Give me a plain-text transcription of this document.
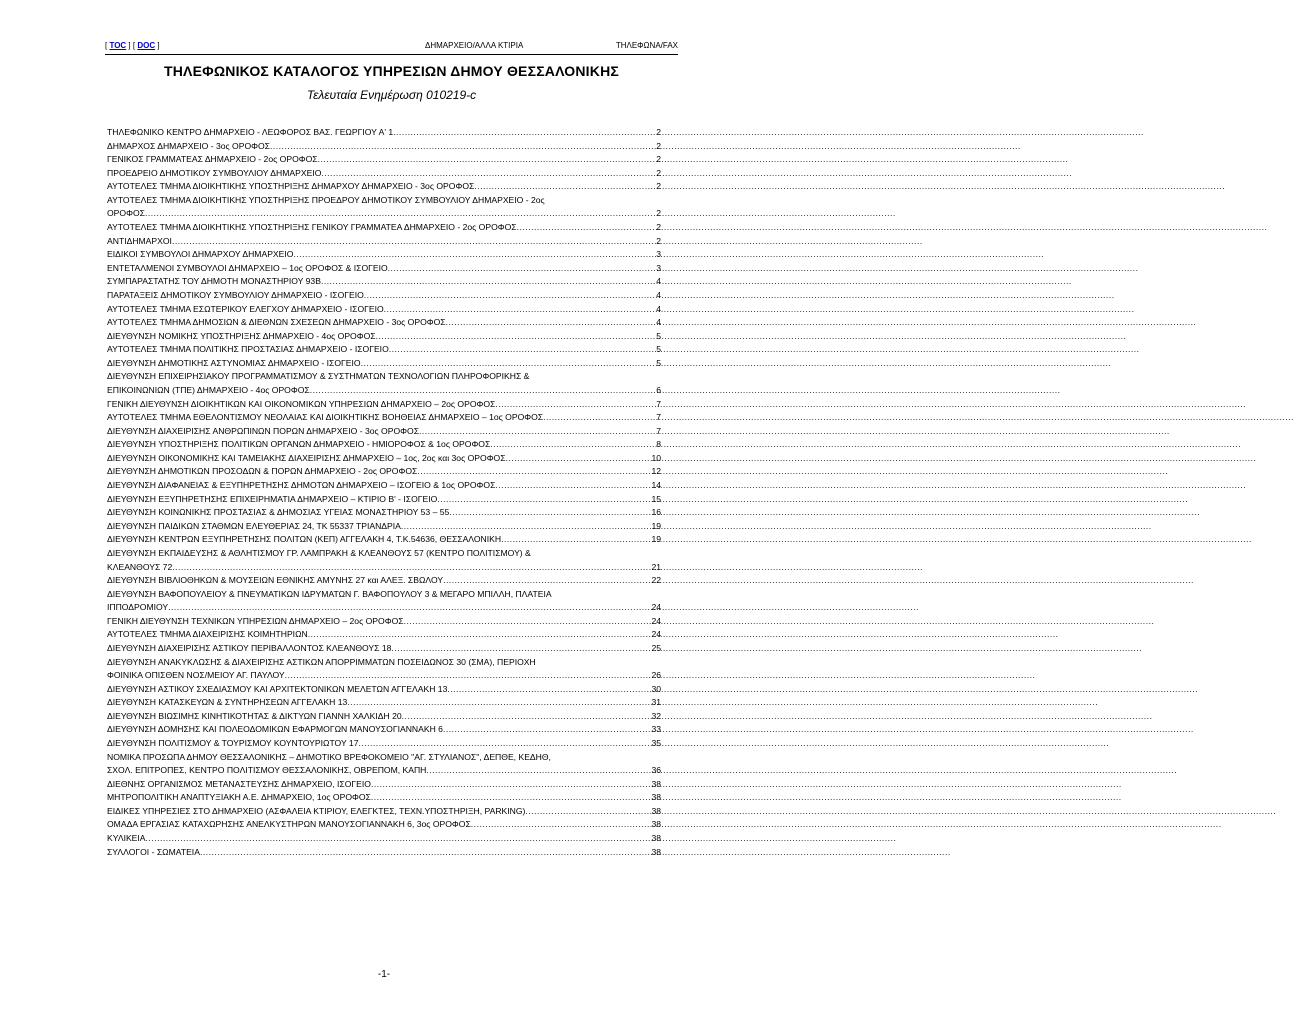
[ TOC ] [ DOC ]	ΔΗΜΑΡΧΕΙΟ/ΑΛΛΑ ΚΤΙΡΙΑ	ΤΗΛΕΦΩΝΑ/FAX
ΤΗΛΕΦΩΝΙΚΟΣ ΚΑΤΑΛΟΓΟΣ ΥΠΗΡΕΣΙΩΝ ΔΗΜΟΥ ΘΕΣΣΑΛΟΝΙΚΗΣ
Τελευταία Ενημέρωση 010219-c
ΤΗΛΕΦΩΝΙΚΟ ΚΕΝΤΡΟ ΔΗΜΑΡΧΕΙΟ - ΛΕΩΦΟΡΟΣ ΒΑΣ. ΓΕΩΡΓΙΟΥ Α' 1 .....	2
ΔΗΜΑΡΧΟΣ ΔΗΜΑΡΧΕΙΟ - 3ος ΟΡΟΦΟΣ .....	2
ΓΕΝΙΚΟΣ ΓΡΑΜΜΑΤΕΑΣ ΔΗΜΑΡΧΕΙΟ - 2ος ΟΡΟΦΟΣ .....	2
ΠΡΟΕΔΡΕΙΟ ΔΗΜΟΤΙΚΟΥ ΣΥΜΒΟΥΛΙΟΥ ΔΗΜΑΡΧΕΙΟ .....	2
ΑΥΤΟΤΕΛΕΣ ΤΜΗΜΑ ΔΙΟΙΚΗΤΙΚΗΣ ΥΠΟΣΤΗΡΙΞΗΣ ΔΗΜΑΡΧΟΥ ΔΗΜΑΡΧΕΙΟ - 3ος ΟΡΟΦΟΣ .....	2
ΑΥΤΟΤΕΛΕΣ ΤΜΗΜΑ ΔΙΟΙΚΗΤΙΚΗΣ ΥΠΟΣΤΗΡΙΞΗΣ ΠΡΟΕΔΡΟΥ ΔΗΜΟΤΙΚΟΥ ΣΥΜΒΟΥΛΙΟΥ ΔΗΜΑΡΧΕΙΟ - 2ος
ΟΡΟΦΟΣ .....	2
ΑΥΤΟΤΕΛΕΣ ΤΜΗΜΑ ΔΙΟΙΚΗΤΙΚΗΣ ΥΠΟΣΤΗΡΙΞΗΣ ΓΕΝΙΚΟΥ ΓΡΑΜΜΑΤΕΑ ΔΗΜΑΡΧΕΙΟ - 2ος ΟΡΟΦΟΣ .....	2
ΑΝΤΙΔΗΜΑΡΧΟΙ .....	2
ΕΙΔΙΚΟΙ ΣΥΜΒΟΥΛΟΙ ΔΗΜΑΡΧΟΥ ΔΗΜΑΡΧΕΙΟ .....	3
ΕΝΤΕΤΑΛΜΕΝΟΙ ΣΥΜΒΟΥΛΟΙ ΔΗΜΑΡΧΕΙΟ – 1ος ΟΡΟΦΟΣ & ΙΣΟΓΕΙΟ .....	3
ΣΥΜΠΑΡΑΣΤΑΤΗΣ ΤΟΥ ΔΗΜΟΤΗ ΜΟΝΑΣΤΗΡΙΟΥ 93Β .....	4
ΠΑΡΑΤΑΞΕΙΣ ΔΗΜΟΤΙΚΟΥ ΣΥΜΒΟΥΛΙΟΥ ΔΗΜΑΡΧΕΙΟ - ΙΣΟΓΕΙΟ .....	4
ΑΥΤΟΤΕΛΕΣ ΤΜΗΜΑ ΕΣΩΤΕΡΙΚΟΥ ΕΛΕΓΧΟΥ ΔΗΜΑΡΧΕΙΟ - ΙΣΟΓΕΙΟ .....	4
ΑΥΤΟΤΕΛΕΣ ΤΜΗΜΑ ΔΗΜΟΣΙΩΝ & ΔΙΕΘΝΩΝ ΣΧΕΣΕΩΝ ΔΗΜΑΡΧΕΙΟ - 3ος ΟΡΟΦΟΣ .....	4
ΔΙΕΥΘΥΝΣΗ ΝΟΜΙΚΗΣ ΥΠΟΣΤΗΡΙΞΗΣ ΔΗΜΑΡΧΕΙΟ - 4ος ΟΡΟΦΟΣ .....	5
ΑΥΤΟΤΕΛΕΣ ΤΜΗΜΑ ΠΟΛΙΤΙΚΗΣ ΠΡΟΣΤΑΣΙΑΣ ΔΗΜΑΡΧΕΙΟ - ΙΣΟΓΕΙΟ .....	5
ΔΙΕΥΘΥΝΣΗ ΔΗΜΟΤΙΚΗΣ ΑΣΤΥΝΟΜΙΑΣ ΔΗΜΑΡΧΕΙΟ - ΙΣΟΓΕΙΟ .....	5
ΔΙΕΥΘΥΝΣΗ ΕΠΙΧΕΙΡΗΣΙΑΚΟΥ ΠΡΟΓΡΑΜΜΑΤΙΣΜΟΥ & ΣΥΣΤΗΜΑΤΩΝ ΤΕΧΝΟΛΟΓΙΩΝ ΠΛΗΡΟΦΟΡΙΚΗΣ &
ΕΠΙΚΟΙΝΩΝΙΩΝ (ΤΠΕ) ΔΗΜΑΡΧΕΙΟ - 4ος ΟΡΟΦΟΣ .....	6
ΓΕΝΙΚΗ ΔΙΕΥΘΥΝΣΗ ΔΙΟΙΚΗΤΙΚΩΝ ΚΑΙ ΟΙΚΟΝΟΜΙΚΩΝ ΥΠΗΡΕΣΙΩΝ ΔΗΜΑΡΧΕΙΟ – 2ος ΟΡΟΦΟΣ .....	7
ΑΥΤΟΤΕΛΕΣ ΤΜΗΜΑ ΕΘΕΛΟΝΤΙΣΜΟΥ ΝΕΟΛΑΙΑΣ ΚΑΙ ΔΙΟΙΚΗΤΙΚΗΣ ΒΟΗΘΕΙΑΣ ΔΗΜΑΡΧΕΙΟ – 1ος ΟΡΟΦΟΣ .....	7
ΔΙΕΥΘΥΝΣΗ ΔΙΑΧΕΙΡΙΣΗΣ ΑΝΘΡΩΠΙΝΩΝ ΠΟΡΩΝ ΔΗΜΑΡΧΕΙΟ - 3ος ΟΡΟΦΟΣ .....	7
ΔΙΕΥΘΥΝΣΗ ΥΠΟΣΤΗΡΙΞΗΣ ΠΟΛΙΤΙΚΩΝ ΟΡΓΑΝΩΝ ΔΗΜΑΡΧΕΙΟ - ΗΜΙΟΡΟΦΟΣ & 1ος ΟΡΟΦΟΣ .....	8
ΔΙΕΥΘΥΝΣΗ ΟΙΚΟΝΟΜΙΚΗΣ ΚΑΙ ΤΑΜΕΙΑΚΗΣ ΔΙΑΧΕΙΡΙΣΗΣ ΔΗΜΑΡΧΕΙΟ – 1ος, 2ος και 3ος ΟΡΟΦΟΣ .....	10
ΔΙΕΥΘΥΝΣΗ ΔΗΜΟΤΙΚΩΝ ΠΡΟΣΟΔΩΝ & ΠΟΡΩΝ ΔΗΜΑΡΧΕΙΟ - 2ος ΟΡΟΦΟΣ .....	12
ΔΙΕΥΘΥΝΣΗ ΔΙΑΦΑΝΕΙΑΣ & ΕΞΥΠΗΡΕΤΗΣΗΣ ΔΗΜΟΤΩΝ ΔΗΜΑΡΧΕΙΟ – ΙΣΟΓΕΙΟ & 1ος ΟΡΟΦΟΣ .....	14
ΔΙΕΥΘΥΝΣΗ ΕΞΥΠΗΡΕΤΗΣΗΣ ΕΠΙΧΕΙΡΗΜΑΤΙΑ ΔΗΜΑΡΧΕΙΟ – ΚΤΙΡΙΟ Β' - ΙΣΟΓΕΙΟ .....	15
ΔΙΕΥΘΥΝΣΗ ΚΟΙΝΩΝΙΚΗΣ ΠΡΟΣΤΑΣΙΑΣ & ΔΗΜΟΣΙΑΣ ΥΓΕΙΑΣ ΜΟΝΑΣΤΗΡΙΟΥ 53 – 55 .....	16
ΔΙΕΥΘΥΝΣΗ ΠΑΙΔΙΚΩΝ ΣΤΑΘΜΩΝ ΕΛΕΥΘΕΡΙΑΣ 24, ΤΚ 55337 ΤΡΙΑΝΔΡΙΑ .....	19
ΔΙΕΥΘΥΝΣΗ ΚΕΝΤΡΩΝ ΕΞΥΠΗΡΕΤΗΣΗΣ ΠΟΛΙΤΩΝ (ΚΕΠ) ΑΓΓΕΛΑΚΗ 4, Τ.Κ.54636, ΘΕΣΣΑΛΟΝΙΚΗ .....	19
ΔΙΕΥΘΥΝΣΗ ΕΚΠΑΙΔΕΥΣΗΣ & ΑΘΛΗΤΙΣΜΟΥ ΓΡ. ΛΑΜΠΡΑΚΗ & ΚΛΕΑΝΘΟΥΣ 57 (ΚΕΝΤΡΟ ΠΟΛΙΤΙΣΜΟΥ) &
ΚΛΕΑΝΘΟΥΣ 72 .....	21
ΔΙΕΥΘΥΝΣΗ ΒΙΒΛΙΟΘΗΚΩΝ & ΜΟΥΣΕΙΩΝ ΕΘΝΙΚΗΣ ΑΜΥΝΗΣ 27 και ΑΛΕΞ. ΣΒΩΛΟΥ .....	22
ΔΙΕΥΘΥΝΣΗ ΒΑΦΟΠΟΥΛΕΙΟΥ & ΠΝΕΥΜΑΤΙΚΩΝ ΙΔΡΥΜΑΤΩΝ Γ. ΒΑΦΟΠΟΥΛΟΥ 3 & ΜΕΓΑΡΟ ΜΠΙΛΛΗ, ΠΛΑΤΕΙΑ
ΙΠΠΟΔΡΟΜΙΟΥ .....	24
ΓΕΝΙΚΗ ΔΙΕΥΘΥΝΣΗ ΤΕΧΝΙΚΩΝ ΥΠΗΡΕΣΙΩΝ ΔΗΜΑΡΧΕΙΟ – 2ος ΟΡΟΦΟΣ .....	24
ΑΥΤΟΤΕΛΕΣ ΤΜΗΜΑ ΔΙΑΧΕΙΡΙΣΗΣ ΚΟΙΜΗΤΗΡΙΩΝ .....	24
ΔΙΕΥΘΥΝΣΗ ΔΙΑΧΕΙΡΙΣΗΣ ΑΣΤΙΚΟΥ ΠΕΡΙΒΑΛΛΟΝΤΟΣ ΚΛΕΑΝΘΟΥΣ 18 .....	25
ΔΙΕΥΘΥΝΣΗ ΑΝΑΚΥΚΛΩΣΗΣ & ΔΙΑΧΕΙΡΙΣΗΣ ΑΣΤΙΚΩΝ ΑΠΟΡΡΙΜΜΑΤΩΝ ΠΟΣΕΙΔΩΝΟΣ 30 (ΣΜΑ), ΠΕΡΙΟΧΗ
ΦΟΙΝΙΚΑ ΟΠΙΣΘΕΝ ΝΟΣ/ΜΕΙΟΥ ΑΓ. ΠΑΥΛΟΥ .....	26
ΔΙΕΥΘΥΝΣΗ ΑΣΤΙΚΟΥ ΣΧΕΔΙΑΣΜΟΥ ΚΑΙ ΑΡΧΙΤΕΚΤΟΝΙΚΩΝ ΜΕΛΕΤΩΝ ΑΓΓΕΛΑΚΗ 13 .....	30
ΔΙΕΥΘΥΝΣΗ ΚΑΤΑΣΚΕΥΩΝ & ΣΥΝΤΗΡΗΣΕΩΝ ΑΓΓΕΛΑΚΗ 13 .....	31
ΔΙΕΥΘΥΝΣΗ ΒΙΩΣΙΜΗΣ ΚΙΝΗΤΙΚΟΤΗΤΑΣ & ΔΙΚΤΥΩΝ ΓΙΑΝΝΗ ΧΑΛΚΙΔΗ 20 .....	32
ΔΙΕΥΘΥΝΣΗ ΔΟΜΗΣΗΣ ΚΑΙ ΠΟΛΕΟΔΟΜΙΚΩΝ ΕΦΑΡΜΟΓΩΝ ΜΑΝΟΥΣΟΓΙΑΝΝΑΚΗ 6 .....	33
ΔΙΕΥΘΥΝΣΗ ΠΟΛΙΤΙΣΜΟΥ & ΤΟΥΡΙΣΜΟΥ ΚΟΥΝΤΟΥΡΙΩΤΟΥ 17 .....	35
ΝΟΜΙΚΑ ΠΡΟΣΩΠΑ ΔΗΜΟΥ ΘΕΣΣΑΛΟΝΙΚΗΣ – ΔΗΜΟΤΙΚΟ ΒΡΕΦΟΚΟΜΕΙΟ "ΑΓ. ΣΤΥΛΙΑΝΟΣ", ΔΕΠΘΕ, ΚΕΔΗΘ,
ΣΧΟΛ. ΕΠΙΤΡΟΠΕΣ, ΚΕΝΤΡΟ ΠΟΛΙΤΙΣΜΟΥ ΘΕΣΣΑΛΟΝΙΚΗΣ, ΟΒΡΕΠΟΜ, ΚΑΠΗ .....	36
ΔΙΕΘΝΗΣ ΟΡΓΑΝΙΣΜΟΣ ΜΕΤΑΝΑΣΤΕΥΣΗΣ ΔΗΜΑΡΧΕΙΟ, ΙΣΟΓΕΙΟ .....	38
ΜΗΤΡΟΠΟΛΙΤΙΚΗ ΑΝΑΠΤΥΞΙΑΚΗ Α.Ε. ΔΗΜΑΡΧΕΙΟ, 1ος ΟΡΟΦΟΣ .....	38
ΕΙΔΙΚΕΣ ΥΠΗΡΕΣΙΕΣ ΣΤΟ ΔΗΜΑΡΧΕΙΟ (ΑΣΦΑΛΕΙΑ ΚΤΙΡΙΟΥ, ΕΛΕΓΚΤΕΣ, ΤΕΧΝ.ΥΠΟΣΤΗΡΙΞΗ, PARKING) .....	38
ΟΜΑΔΑ ΕΡΓΑΣΙΑΣ ΚΑΤΑΧΩΡΗΣΗΣ ΑΝΕΛΚΥΣΤΗΡΩΝ ΜΑΝΟΥΣΟΓΙΑΝΝΑΚΗ 6, 3ος ΟΡΟΦΟΣ .....	38
ΚΥΛΙΚΕΙΑ .....	38
ΣΥΛΛΟΓΟΙ - ΣΩΜΑΤΕΙΑ .....	38
-1-
